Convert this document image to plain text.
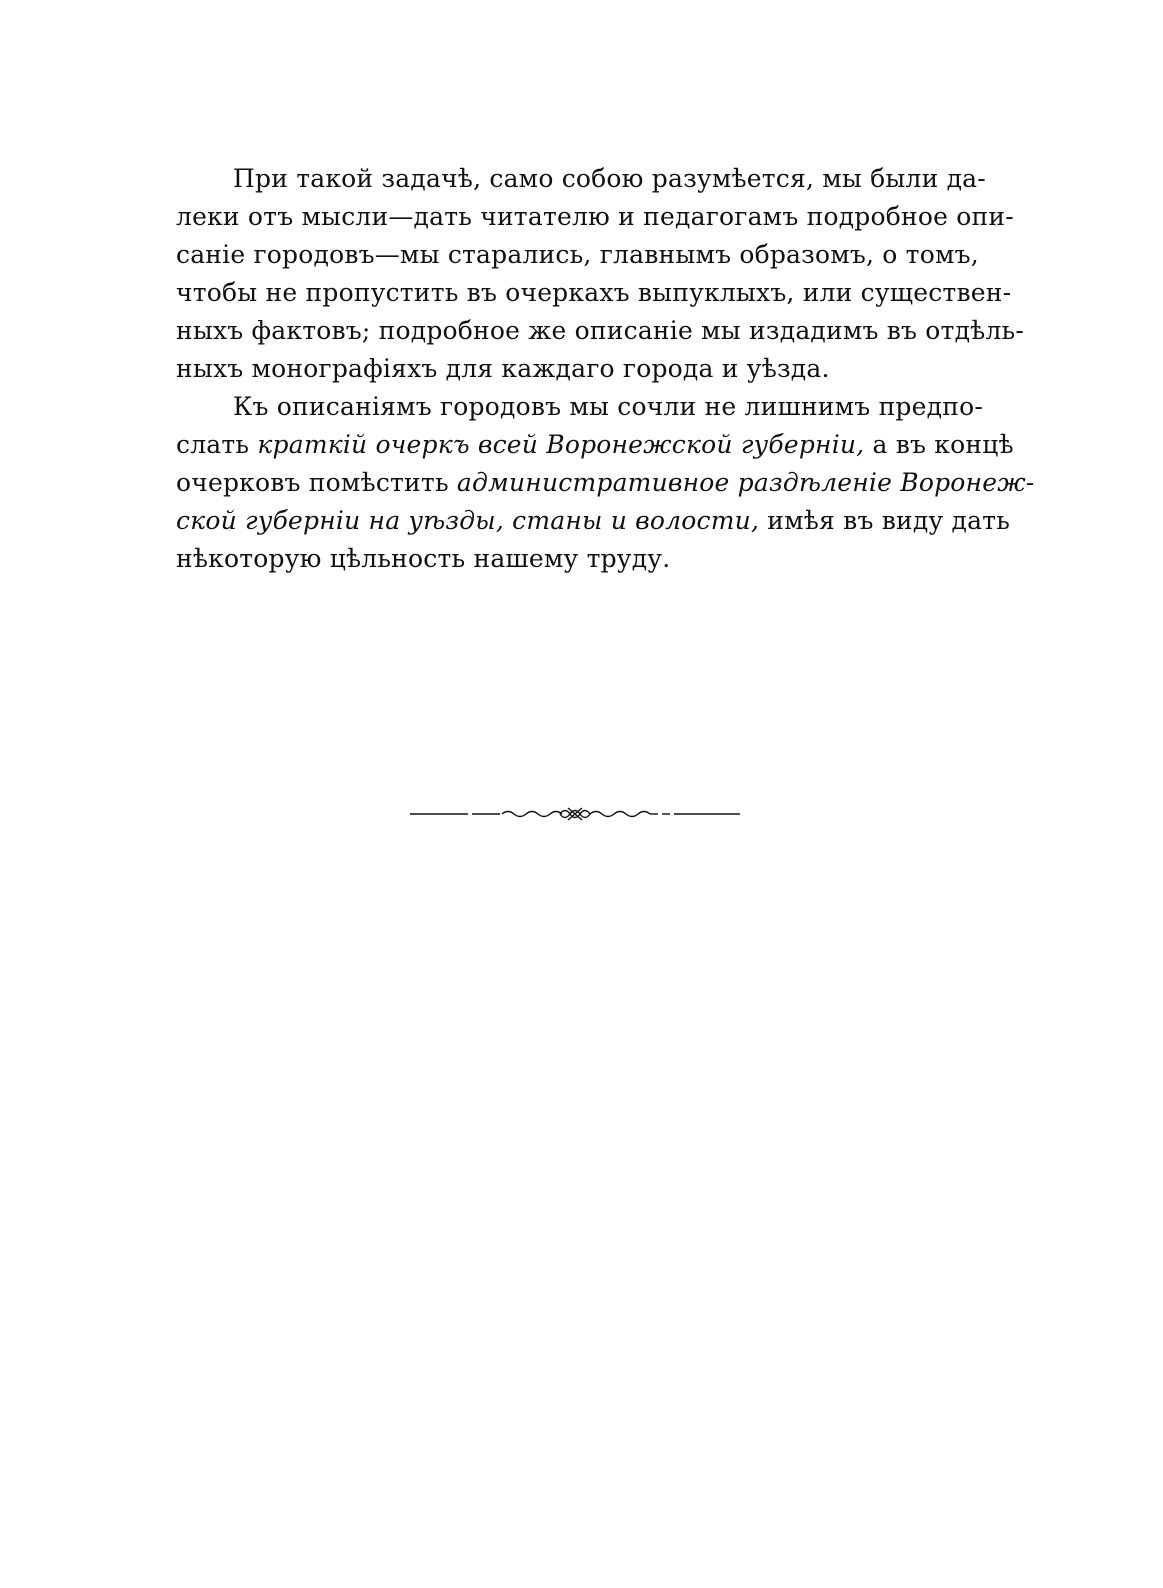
При такой задачѣ, само собою разумѣется, мы были да-
леки отъ мысли—дать читателю и педагогамъ подробное опи-
санiе городовъ—мы старались, главнымъ образомъ, о томъ,
чтобы не пропустить въ очеркахъ выпуклыхъ, или существен-
ныхъ фактовъ; подробное же описанiе мы издадимъ въ отдѣль-
ныхъ монографiяхъ для каждаго города и уѣзда.
Къ описанiямъ городовъ мы сочли не лишнимъ предпо-
слать краткiй очеркъ всей Воронежской губернiи, а въ концѣ
очерковъ помѣстить административное раздѣленiе Воронеж-
ской губернiи на уѣзды, станы и волости, имѣя въ виду дать
нѣкоторую цѣльность нашему труду.
